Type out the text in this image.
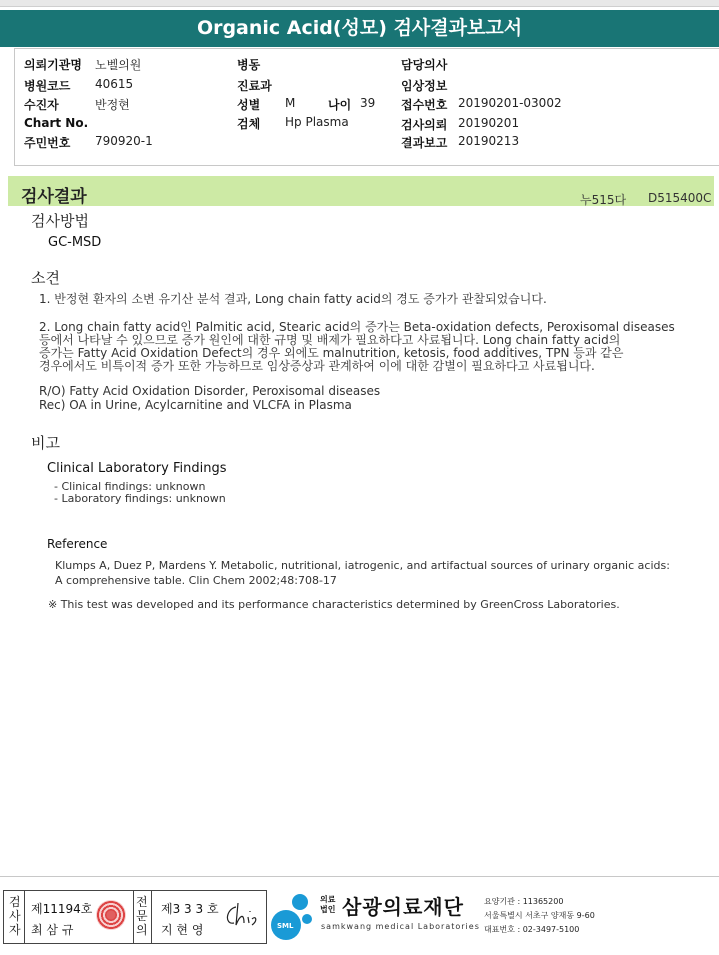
Organic Acid(성모) 검사결과보고서
의뢰기관명 노벨의원
병원코드 40615
수진자	반정현
Chart No.
주민번호 790920-1
병동
진료과
성별 M	나이 39
검체 Hp Plasma
담당의사
임상정보
접수번호 20190201-03002
검사의뢰 20190201
결과보고 20190213
검사결과	누515다 D515400C
검사방법
GC-MSD
소견
1. 반정현 환자의 소변 유기산 분석 결과, Long chain fatty acid의 경도 증가가 관찰되었습니다.
2. Long chain fatty acid인 Palmitic acid, Stearic acid의 증가는 Beta-oxidation defects, Peroxisomal diseases
등에서 나타날 수 있으므로 증가 원인에 대한 규명 및 배제가 필요하다고 사료됩니다. Long chain fatty acid의
증가는 Fatty Acid Oxidation Defect의 경우 외에도 malnutrition, ketosis, food additives, TPN 등과 같은
경우에서도 비특이적 증가 또한 가능하므로 임상증상과 관계하여 이에 대한 감별이 필요하다고 사료됩니다.
R/O) Fatty Acid Oxidation Disorder, Peroxisomal diseases
Rec) OA in Urine, Acylcarnitine and VLCFA in Plasma
비고
Clinical Laboratory Findings
- Clinical findings: unknown
- Laboratory findings: unknown
Reference
Klumps A, Duez P, Mardens Y. Metabolic, nutritional, iatrogenic, and artifactual sources of urinary organic acids:
A comprehensive table. Clin Chem 2002;48:708-17
※ This test was developed and its performance characteristics determined by GreenCross Laboratories.
검
사
자
제11194호
최 삼 규
전
문
의
제3 3 3 호
지 현 영	SML
의료
법인 삼광의료재단
samkwang medical Laboratories
요양기관 : 11365200
서울특별시 서초구 양재동 9-60
대표번호 : 02-3497-5100
